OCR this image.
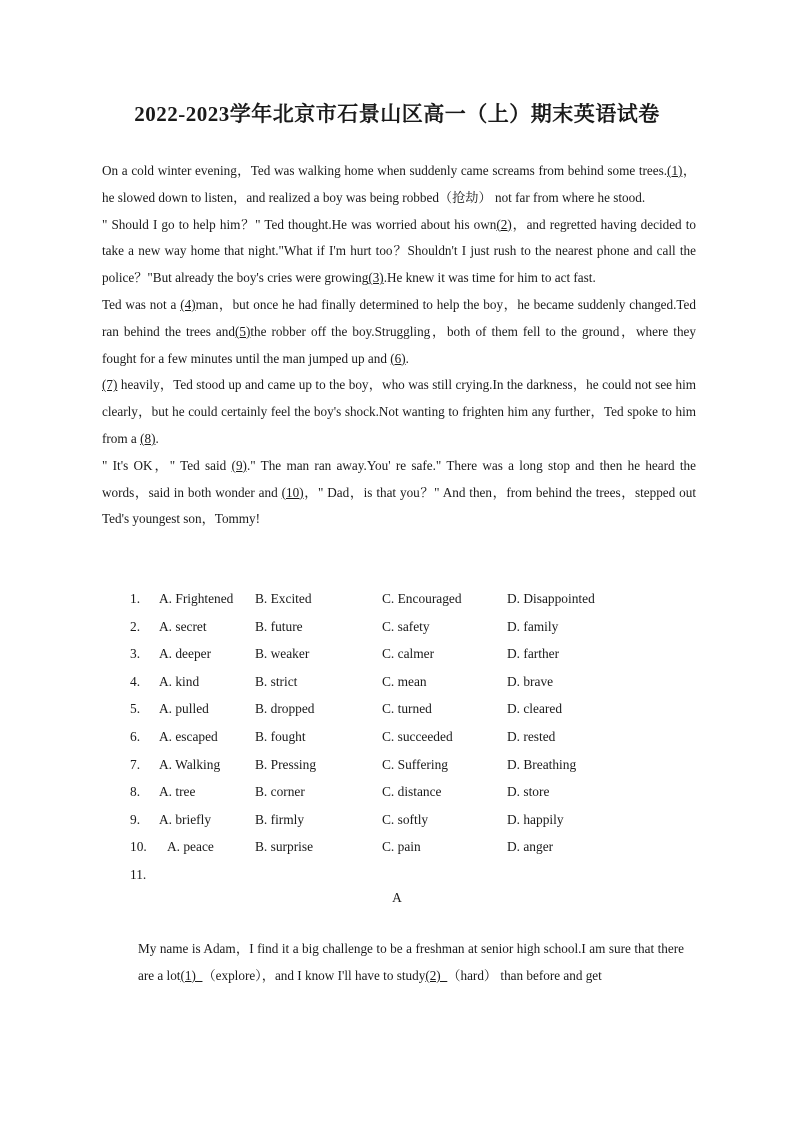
2022-2023学年北京市石景山区高一（上）期末英语试卷

On a cold winter evening，Ted was walking home when suddenly came screams from behind some trees.(1)， he slowed down to listen，and realized a boy was being robbed（抢劫） not far from where he stood.

" Should I go to help him？" Ted thought.He was worried about his own(2)，and regretted having decided to take a new way home that night."What if I'm hurt too？Shouldn't I just rush to the nearest phone and call the police？"But already the boy's cries were growing(3).He knew it was time for him to act fast.

Ted was not a (4)man，but once he had finally determined to help the boy，he became suddenly changed.Ted ran behind the trees and(5)the robber off the boy.Struggling，both of them fell to the ground，where they fought for a few minutes until the man jumped up and (6).

(7) heavily，Ted stood up and came up to the boy，who was still crying.In the darkness，he could not see him clearly，but he could certainly feel the boy's shock.Not wanting to frighten him any further，Ted spoke to him from a (8).

" It's OK，" Ted said (9)." The man ran away.You' re safe." There was a long stop and then he heard the words，said in both wonder and (10)，" Dad，is that you？" And then，from behind the trees，stepped out Ted's youngest son，Tommy!

1. A. Frightened B. Excited	C. Encouraged	D. Disappointed
2. A. secret	B. future	C. safety	D. family
3. A. deeper	B. weaker	C. calmer	D. farther
4. A. kind	B. strict	C. mean	D. brave
5. A. pulled	B. dropped	C. turned	D. cleared
6. A. escaped	B. fought	C. succeeded	D. rested
7. A. Walking	B. Pressing	C. Suffering	D. Breathing
8. A. tree	B. corner	C. distance	D. store
9. A. briefly	B. firmly	C. softly	D. happily
10. A. peace	B. surprise	C. pain	D. anger
11.
A

My name is Adam，I find it a big challenge to be a freshman at senior high school.I am sure that there are a lot(1)  （explore），and I know I'll have to study(2)  （hard） than before and get
